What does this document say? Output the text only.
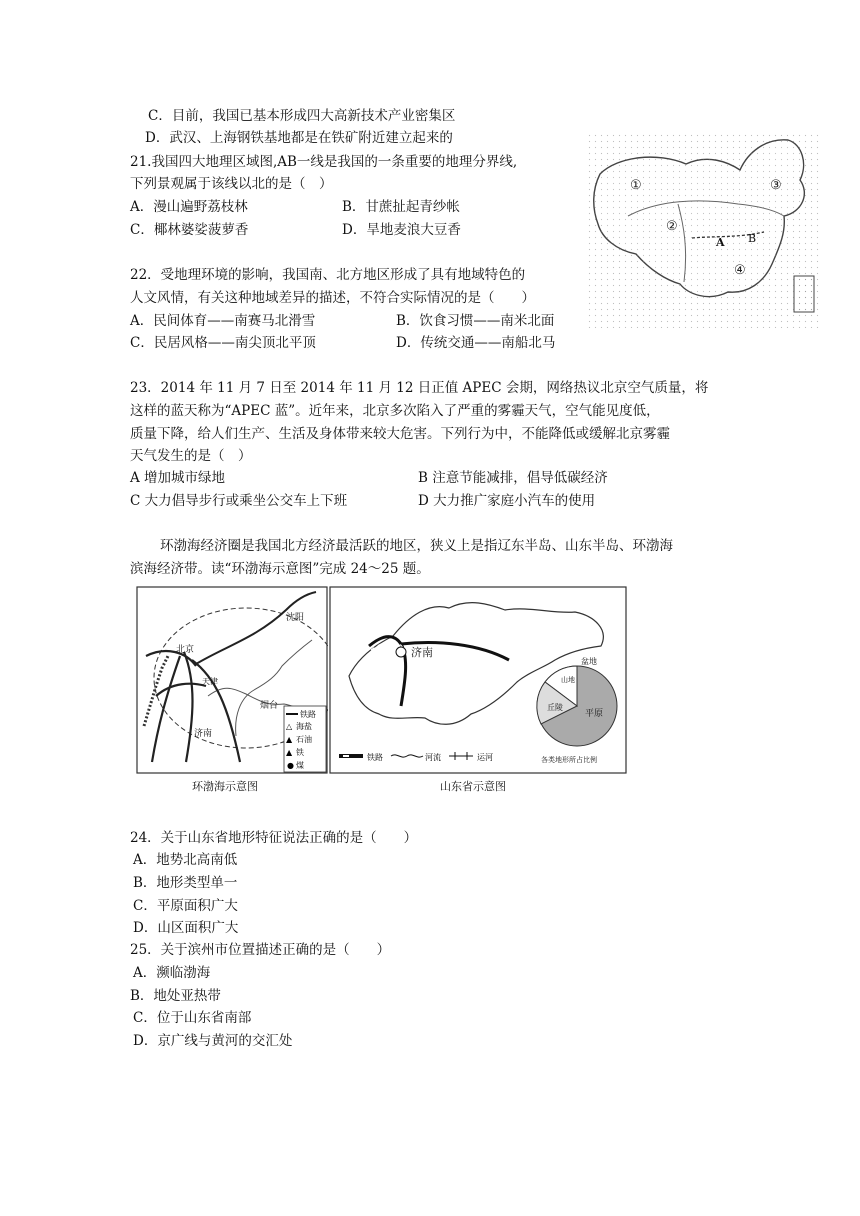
C．目前，我国已基本形成四大高新技术产业密集区
D．武汉、上海钢铁基地都是在铁矿附近建立起来的
21.我国四大地理区域图,AB一线是我国的一条重要的地理分界线,
下列景观属于该线以北的是（　）
A．漫山遍野荔枝林	B．甘蔗扯起青纱帐
C．椰林婆娑菠萝香	D．旱地麦浪大豆香
①
②
③
④
A B
22．受地理环境的影响，我国南、北方地区形成了具有地域特色的
人文风情，有关这种地域差异的描述，不符合实际情况的是（　　）
A．民间体育——南赛马北滑雪	B．饮食习惯——南米北面
C．民居风格——南尖顶北平顶	D．传统交通——南船北马
23．2014 年 11 月 7 日至 2014 年 11 月 12 日正值 APEC 会期，网络热议北京空气质量，将
这样的蓝天称为“APEC 蓝”。近年来，北京多次陷入了严重的雾霾天气，空气能见度低，
质量下降，给人们生产、生活及身体带来较大危害。下列行为中，不能降低或缓解北京雾霾
天气发生的是（　）
A 增加城市绿地	B 注意节能减排，倡导低碳经济
C 大力倡导步行或乘坐公交车上下班	D 大力推广家庭小汽车的使用
环渤海经济圈是我国北方经济最活跃的地区，狭义上是指辽东半岛、山东半岛、环渤海
滨海经济带。读“环渤海示意图”完成 24～25 题。
沈阳
北京
天津
烟台
济南
铁路
△ 海盐
▲ 石油
▲ 铁
● 煤
环渤海示意图
济南
盆地
山地
丘陵
平原
各类地形所占比例
铁路	河流	运河
山东省示意图
24．关于山东省地形特征说法正确的是（　　）
A．地势北高南低
B．地形类型单一
C．平原面积广大
D．山区面积广大
25．关于滨州市位置描述正确的是（　　）
A．濒临渤海
B．地处亚热带
C．位于山东省南部
D．京广线与黄河的交汇处
